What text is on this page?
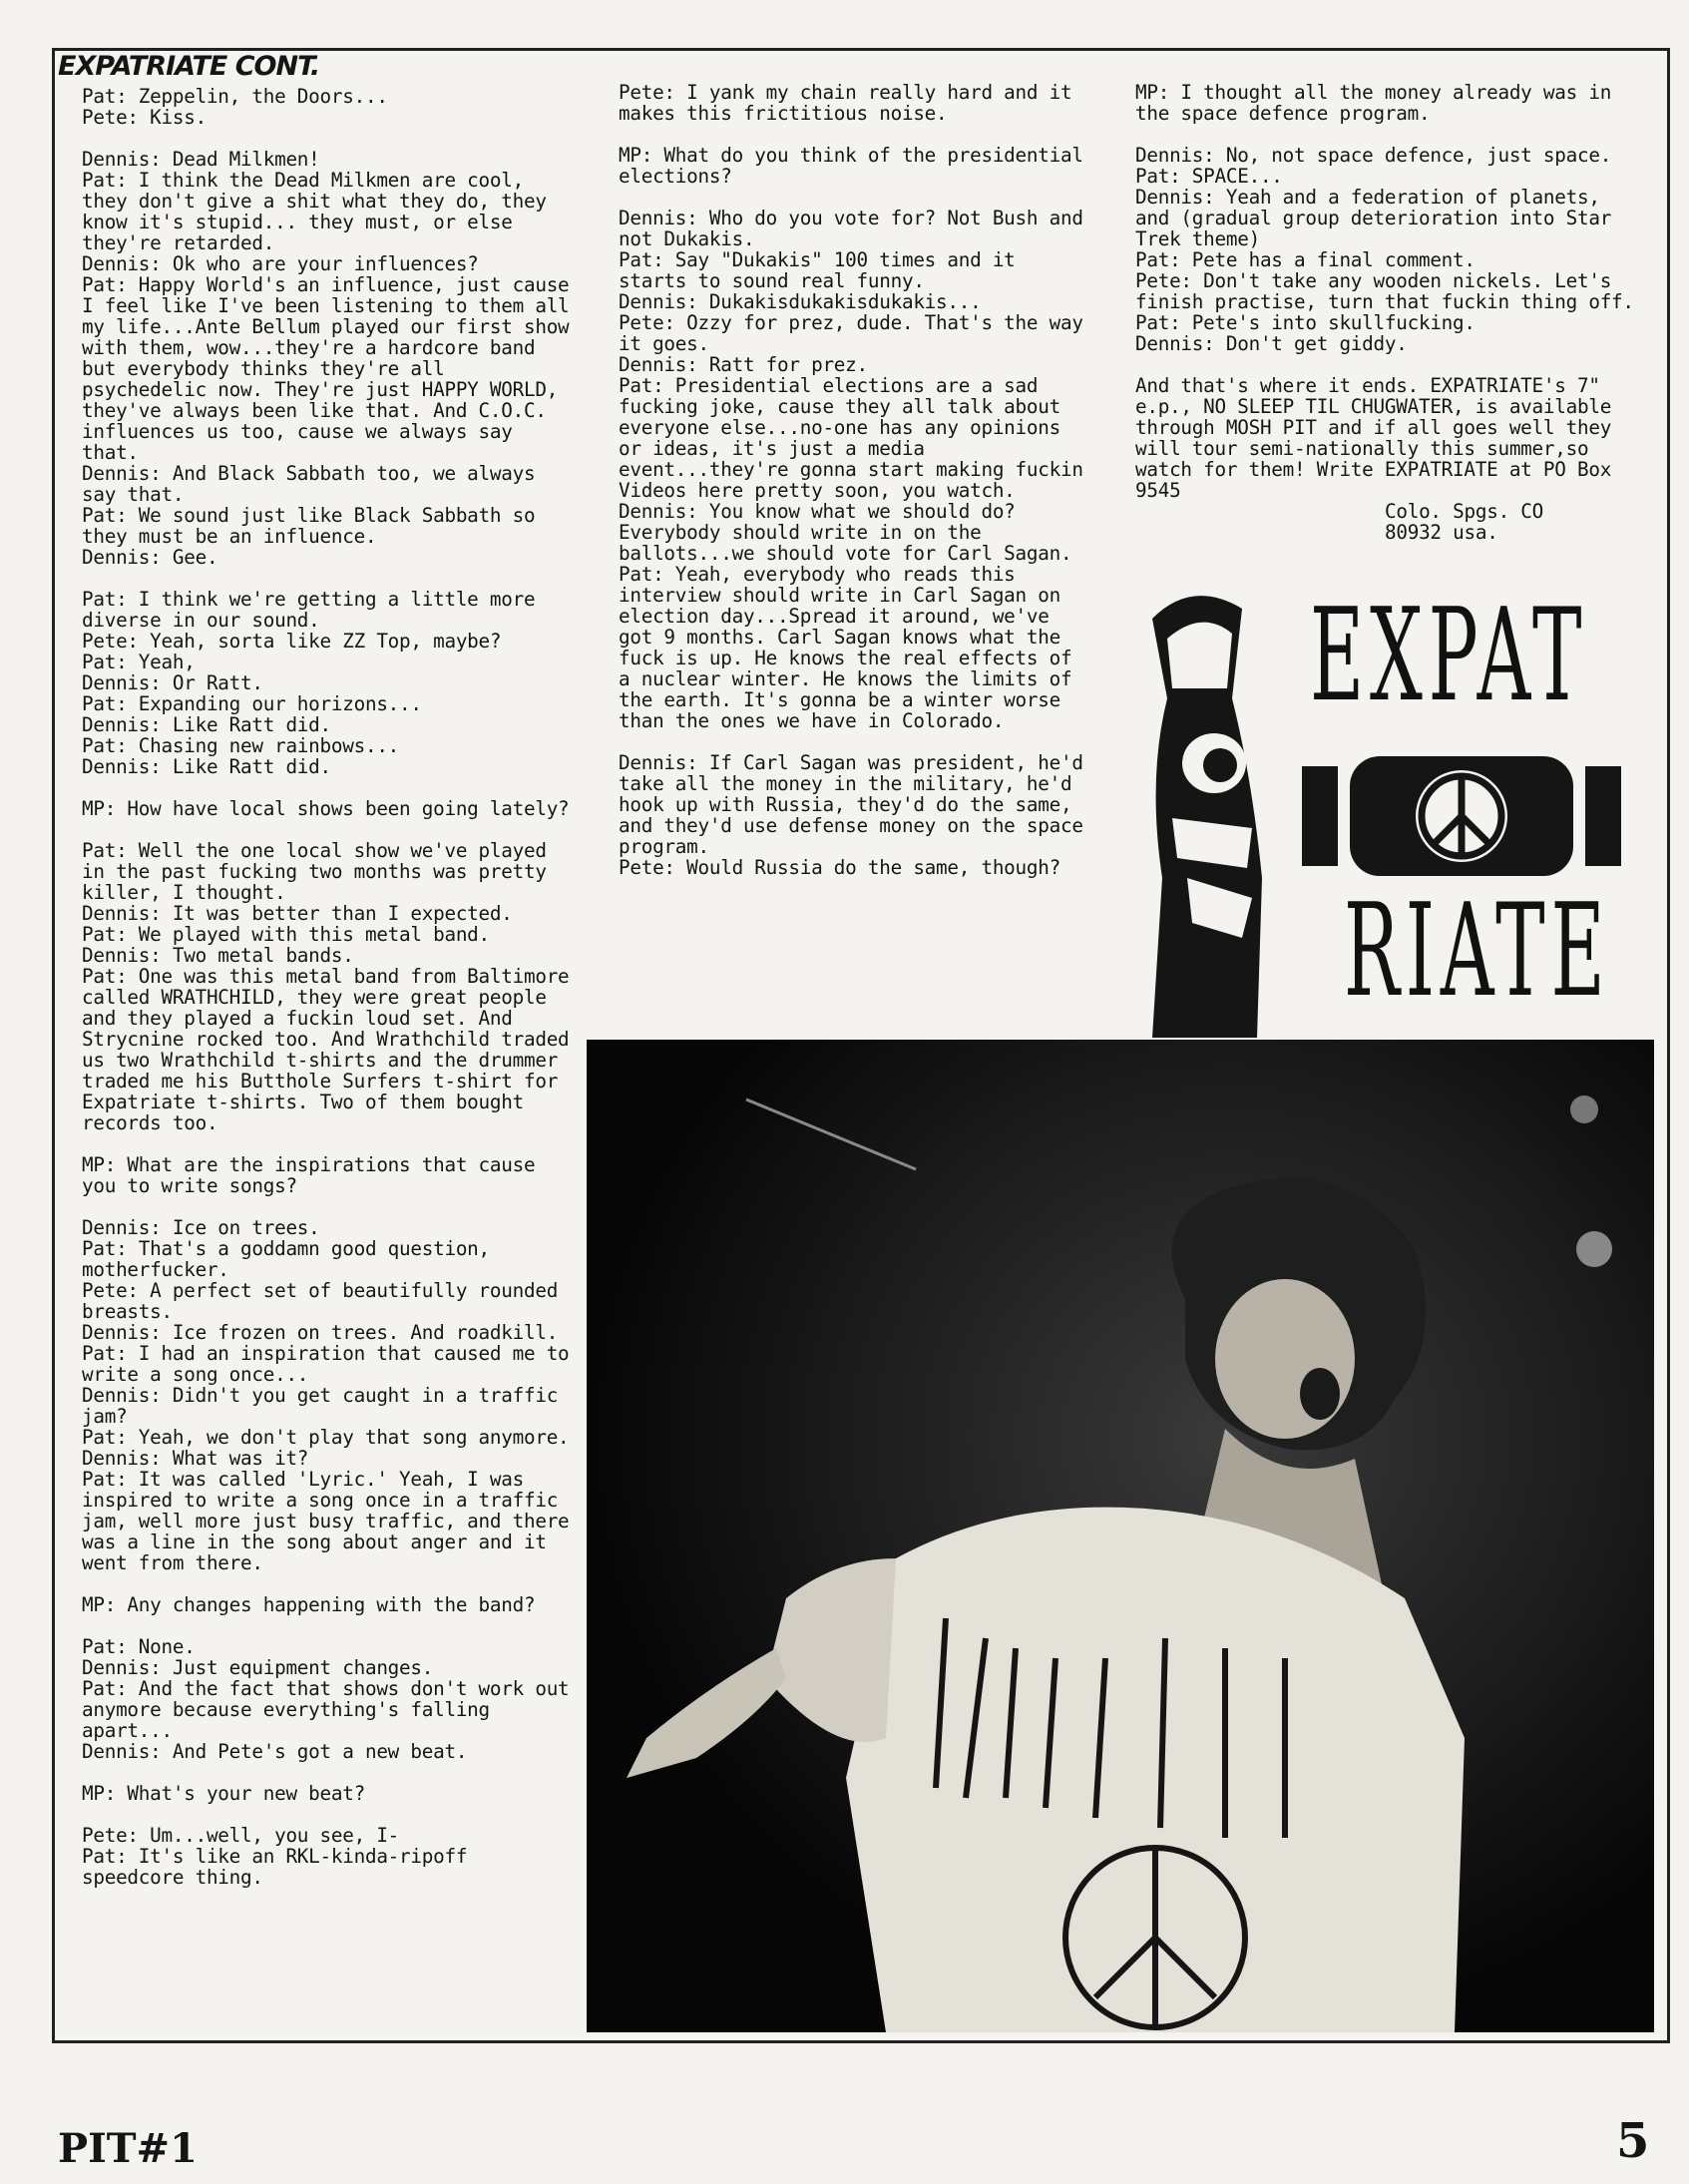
EXPATRIATE CONT.
Pat: Zeppelin, the Doors...
Pete: Kiss.
Dennis: Dead Milkmen!
Pat: I think the Dead Milkmen are cool, they don't give a shit what they do, they know it's stupid... they must, or else they're retarded.
Dennis: Ok who are your influences?
Pat: Happy World's an influence, just cause I feel like I've been listening to them all my life...Ante Bellum played our first show with them, wow...they're a hardcore band but everybody thinks they're all psychedelic now. They're just HAPPY WORLD, they've always been like that. And C.O.C. influences us too, cause we always say that.
Dennis: And Black Sabbath too, we always say that.
Pat: We sound just like Black Sabbath so they must be an influence.
Dennis: Gee.
Pat: I think we're getting a little more diverse in our sound.
Pete: Yeah, sorta like ZZ Top, maybe?
Pat: Yeah,
Dennis: Or Ratt.
Pat: Expanding our horizons...
Dennis: Like Ratt did.
Pat: Chasing new rainbows...
Dennis: Like Ratt did.
MP: How have local shows been going lately?
Pat: Well the one local show we've played in the past fucking two months was pretty killer, I thought.
Dennis: It was better than I expected.
Pat: We played with this metal band.
Dennis: Two metal bands.
Pat: One was this metal band from Baltimore called WRATHCHILD, they were great people and they played a fuckin loud set. And Strycnine rocked too. And Wrathchild traded us two Wrathchild t-shirts and the drummer traded me his Butthole Surfers t-shirt for Expatriate t-shirts. Two of them bought records too.
MP: What are the inspirations that cause you to write songs?
Dennis: Ice on trees.
Pat: That's a goddamn good question, motherfucker.
Pete: A perfect set of beautifully rounded breasts.
Dennis: Ice frozen on trees. And roadkill.
Pat: I had an inspiration that caused me to write a song once...
Dennis: Didn't you get caught in a traffic jam?
Pat: Yeah, we don't play that song anymore.
Dennis: What was it?
Pat: It was called 'Lyric.' Yeah, I was inspired to write a song once in a traffic jam, well more just busy traffic, and there was a line in the song about anger and it went from there.
MP: Any changes happening with the band?
Pat: None.
Dennis: Just equipment changes.
Pat: And the fact that shows don't work out anymore because everything's falling apart...
Dennis: And Pete's got a new beat.
MP: What's your new beat?
Pete: Um...well, you see, I-
Pat: It's like an RKL-kinda-ripoff speedcore thing.
Pete: I yank my chain really hard and it makes this frictitious noise.
MP: What do you think of the presidential elections?
Dennis: Who do you vote for? Not Bush and not Dukakis.
Pat: Say "Dukakis" 100 times and it starts to sound real funny.
Dennis: Dukakisdukakisdukakis...
Pete: Ozzy for prez, dude. That's the way it goes.
Dennis: Ratt for prez.
Pat: Presidential elections are a sad fucking joke, cause they all talk about everyone else...no-one has any opinions or ideas, it's just a media event...they're gonna start making fuckin Videos here pretty soon, you watch.
Dennis: You know what we should do? Everybody should write in on the ballots...we should vote for Carl Sagan.
Pat: Yeah, everybody who reads this interview should write in Carl Sagan on election day...Spread it around, we've got 9 months. Carl Sagan knows what the fuck is up. He knows the real effects of a nuclear winter. He knows the limits of the earth. It's gonna be a winter worse than the ones we have in Colorado.
Dennis: If Carl Sagan was president, he'd take all the money in the military, he'd hook up with Russia, they'd do the same, and they'd use defense money on the space program.
Pete: Would Russia do the same, though?
MP: I thought all the money already was in the space defence program.
Dennis: No, not space defence, just space.
Pat: SPACE...
Dennis: Yeah and a federation of planets, and (gradual group deterioration into Star Trek theme)
Pat: Pete has a final comment.
Pete: Don't take any wooden nickels. Let's finish practise, turn that fuckin thing off.
Pat: Pete's into skullfucking.
Dennis: Don't get giddy.
And that's where it ends. EXPATRIATE's 7" e.p., NO SLEEP TIL CHUGWATER, is available through MOSH PIT and if all goes well they will tour semi-nationally this summer,so watch for them! Write EXPATRIATE at PO Box 9545
Colo. Spgs. CO
80932 usa.
EXPAT
RIATE
PIT#1	5
